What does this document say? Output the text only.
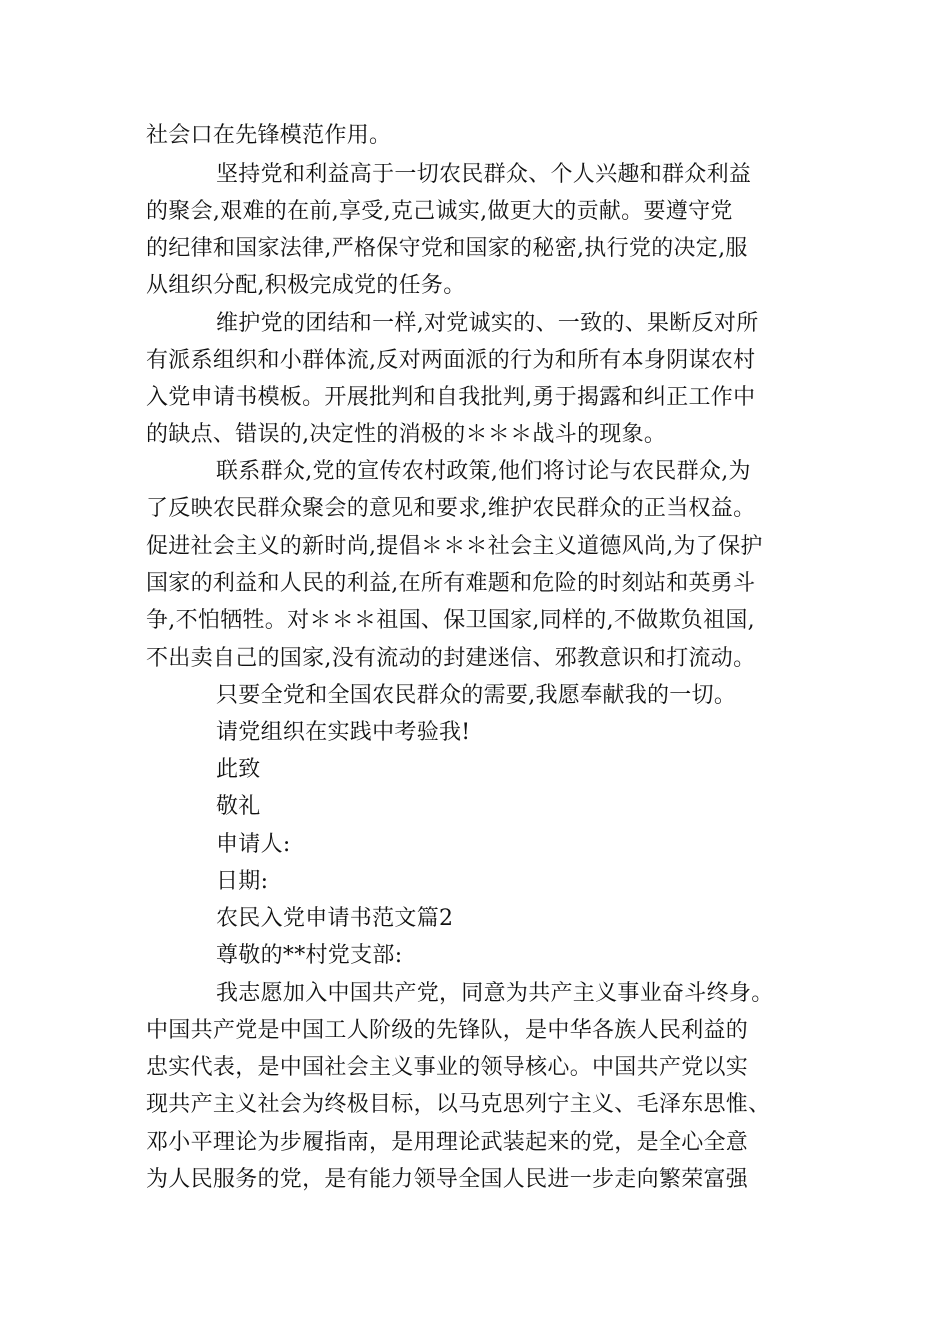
社会口在先锋模范作用。
坚持党和利益高于一切农民群众、个人兴趣和群众利益
的聚会,艰难的在前,享受,克己诚实,做更大的贡献。要遵守党
的纪律和国家法律,严格保守党和国家的秘密,执行党的决定,服
从组织分配,积极完成党的任务。
维护党的团结和一样,对党诚实的、一致的、果断反对所
有派系组织和小群体流,反对两面派的行为和所有本身阴谋农村
入党申请书模板。开展批判和自我批判,勇于揭露和纠正工作中
的缺点、错误的,决定性的消极的＊＊＊战斗的现象。
联系群众,党的宣传农村政策,他们将讨论与农民群众,为
了反映农民群众聚会的意见和要求,维护农民群众的正当权益。
促进社会主义的新时尚,提倡＊＊＊社会主义道德风尚,为了保护
国家的利益和人民的利益,在所有难题和危险的时刻站和英勇斗
争,不怕牺牲。对＊＊＊祖国、保卫国家,同样的,不做欺负祖国,
不出卖自己的国家,没有流动的封建迷信、邪教意识和打流动。
只要全党和全国农民群众的需要,我愿奉献我的一切。
请党组织在实践中考验我!
此致
敬礼
申请人:
日期:
农民入党申请书范文篇2
尊敬的**村党支部:
我志愿加入中国共产党，同意为共产主义事业奋斗终身。
中国共产党是中国工人阶级的先锋队，是中华各族人民利益的
忠实代表，是中国社会主义事业的领导核心。中国共产党以实
现共产主义社会为终极目标，以马克思列宁主义、毛泽东思惟、
邓小平理论为步履指南，是用理论武装起来的党，是全心全意
为人民服务的党，是有能力领导全国人民进一步走向繁荣富强
